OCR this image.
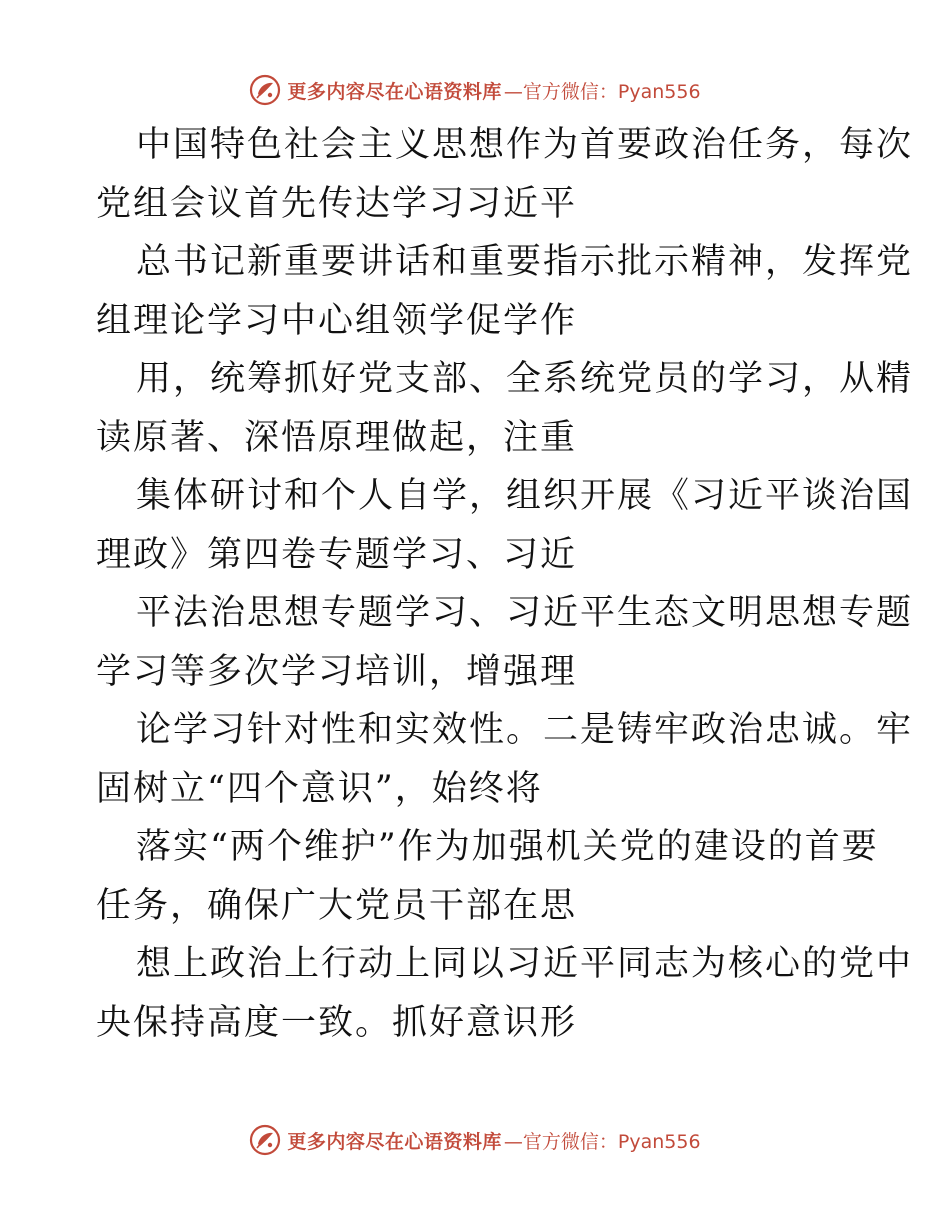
更多内容尽在心语资料库 —官方微信：Pyan556
中国特色社会主义思想作为首要政治任务，每次
党组会议首先传达学习习近平
总书记新重要讲话和重要指示批示精神，发挥党
组理论学习中心组领学促学作
用，统筹抓好党支部、全系统党员的学习，从精
读原著、深悟原理做起，注重
集体研讨和个人自学，组织开展《习近平谈治国
理政》第四卷专题学习、习近
平法治思想专题学习、习近平生态文明思想专题
学习等多次学习培训，增强理
论学习针对性和实效性。二是铸牢政治忠诚。牢
固树立“四个意识”，始终将
落实“两个维护”作为加强机关党的建设的首要
任务，确保广大党员干部在思
想上政治上行动上同以习近平同志为核心的党中
央保持高度一致。抓好意识形
更多内容尽在心语资料库 —官方微信：Pyan556
